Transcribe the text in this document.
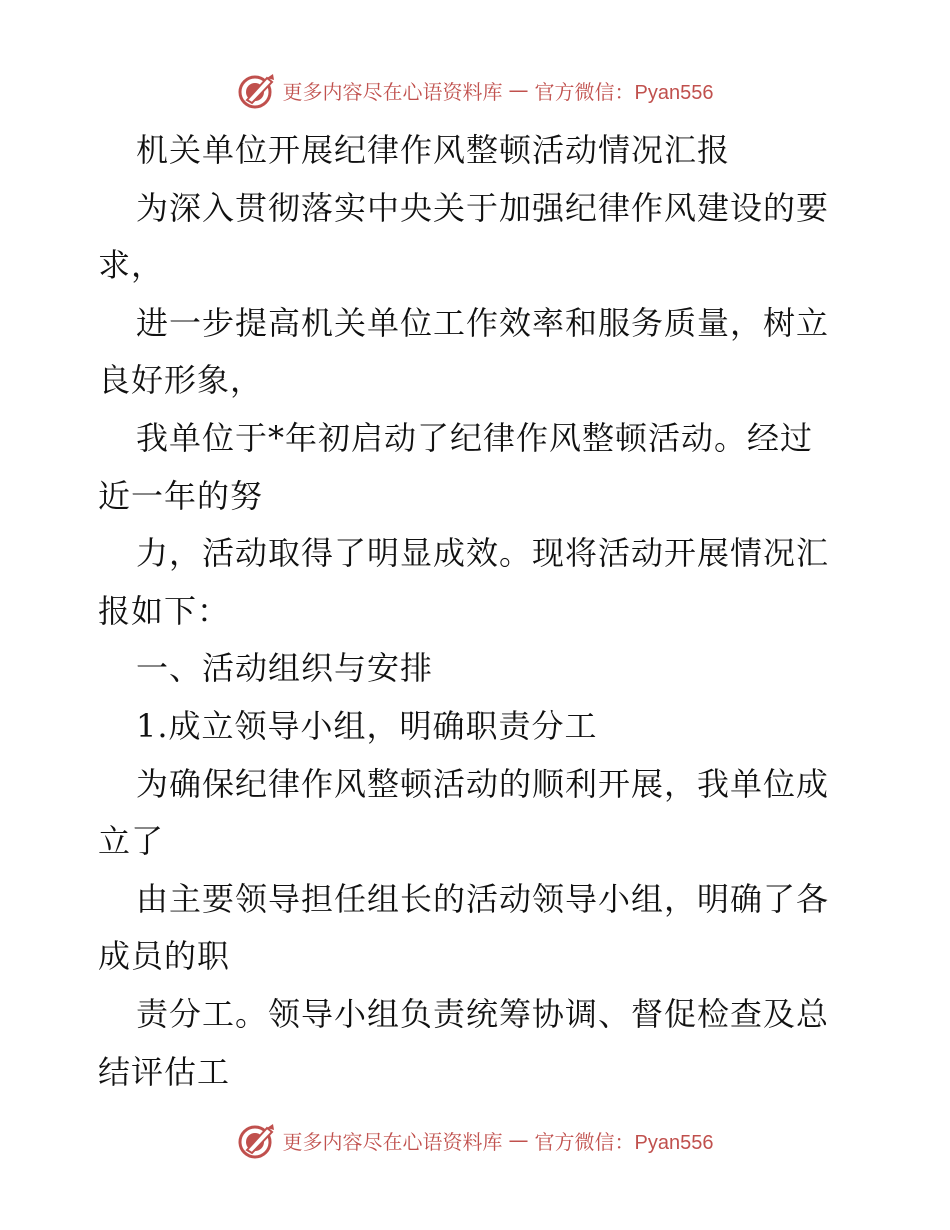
更多内容尽在心语资料库 — 官方微信：Pyan556
机关单位开展纪律作风整顿活动情况汇报
为深入贯彻落实中央关于加强纪律作风建设的要
求，
进一步提高机关单位工作效率和服务质量，树立
良好形象，
我单位于*年初启动了纪律作风整顿活动。经过
近一年的努
力，活动取得了明显成效。现将活动开展情况汇
报如下：
一、活动组织与安排
1.成立领导小组，明确职责分工
为确保纪律作风整顿活动的顺利开展，我单位成
立了
由主要领导担任组长的活动领导小组，明确了各
成员的职
责分工。领导小组负责统筹协调、督促检查及总
结评估工
更多内容尽在心语资料库 — 官方微信：Pyan556
